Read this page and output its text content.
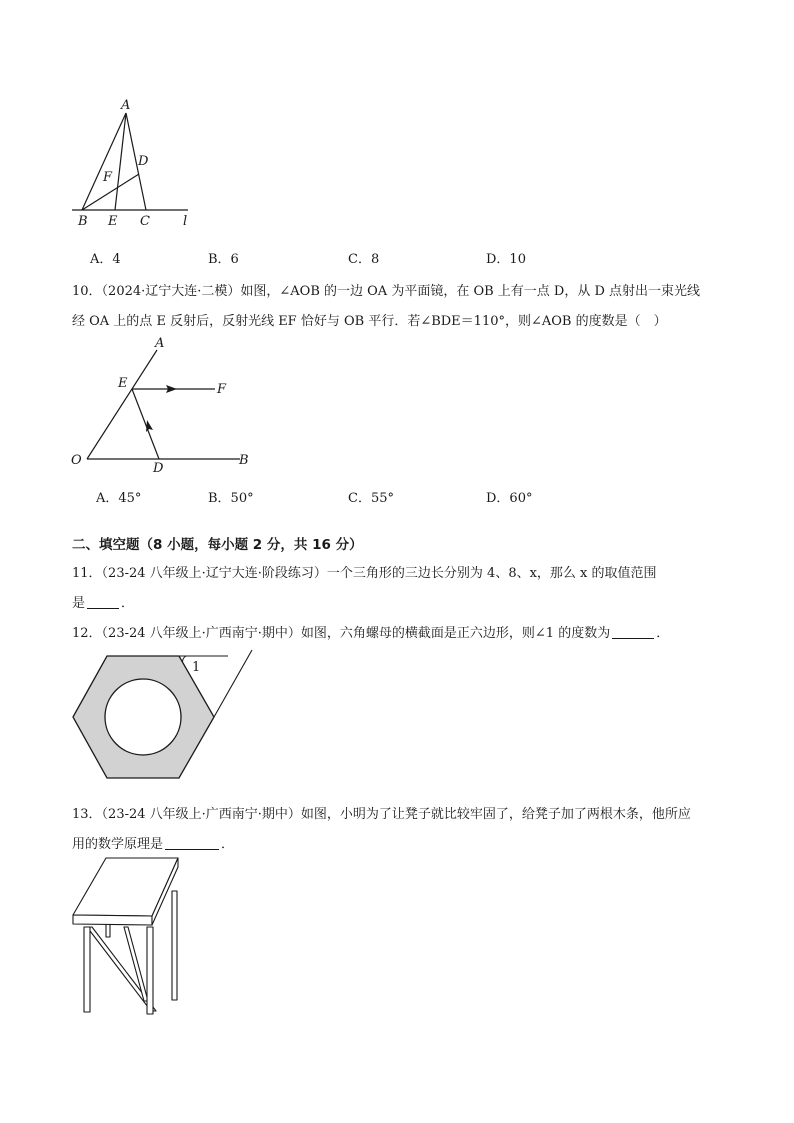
A
D
F
B E C	l
A．4	B．6	C．8	D．10
10．（2024·辽宁大连·二模）如图，∠AOB 的一边 OA 为平面镜，在 OB 上有一点 D，从 D 点射出一束光线
经 OA 上的点 E 反射后，反射光线 EF 恰好与 OB 平行．若∠BDE＝110°，则∠AOB 的度数是（　）
A
E	F
O
D
B
A．45°	B．50°	C．55°	D．60°
二、填空题（8 小题，每小题 2 分，共 16 分）
11．（23-24 八年级上·辽宁大连·阶段练习）一个三角形的三边长分别为 4、8、x，那么 x 的取值范围
是	．
12．（23-24 八年级上·广西南宁·期中）如图，六角螺母的横截面是正六边形，则∠1 的度数为	．
1
13．（23-24 八年级上·广西南宁·期中）如图，小明为了让凳子就比较牢固了，给凳子加了两根木条，他所应
用的数学原理是	．
